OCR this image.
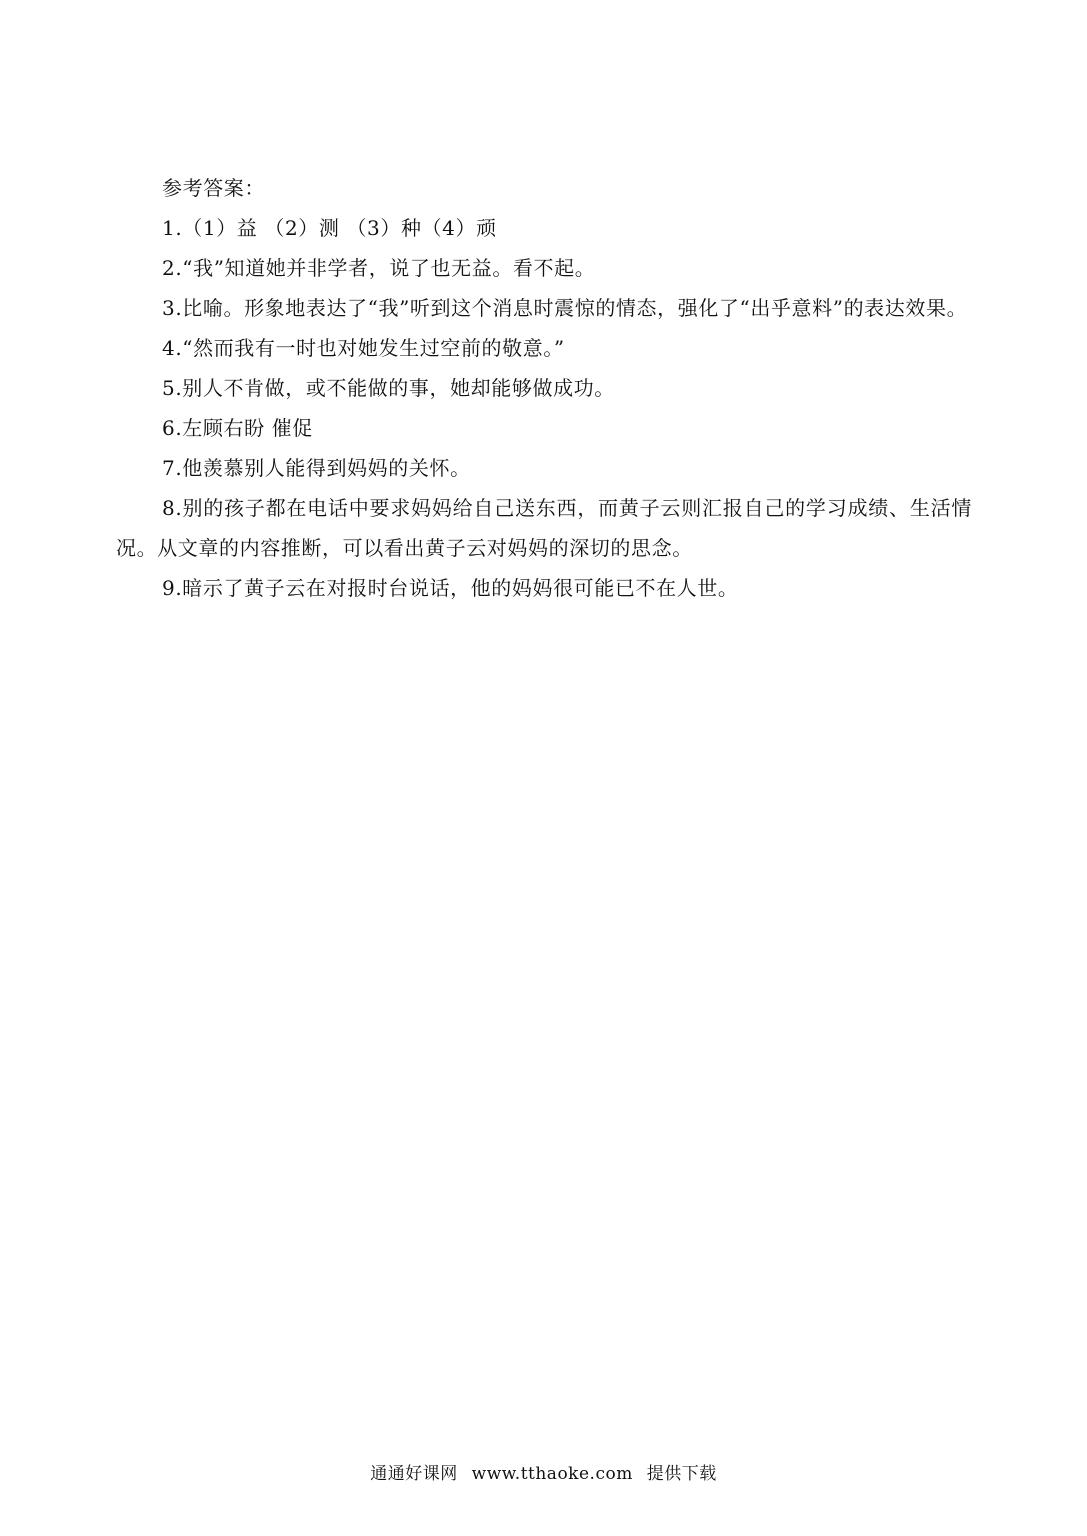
参考答案：

1.（1）益 （2）测 （3）种（4）顽

2.“我”知道她并非学者，说了也无益。看不起。

3.比喻。形象地表达了“我”听到这个消息时震惊的情态，强化了“出乎意料”的表达效果。

4.“然而我有一时也对她发生过空前的敬意。”

5.别人不肯做，或不能做的事，她却能够做成功。

6.左顾右盼 催促

7.他羡慕别人能得到妈妈的关怀。

8.别的孩子都在电话中要求妈妈给自己送东西，而黄子云则汇报自己的学习成绩、生活情况。从文章的内容推断，可以看出黄子云对妈妈的深切的思念。

9.暗示了黄子云在对报时台说话，他的妈妈很可能已不在人世。

通通好课网 www.tthaoke.com 提供下载
